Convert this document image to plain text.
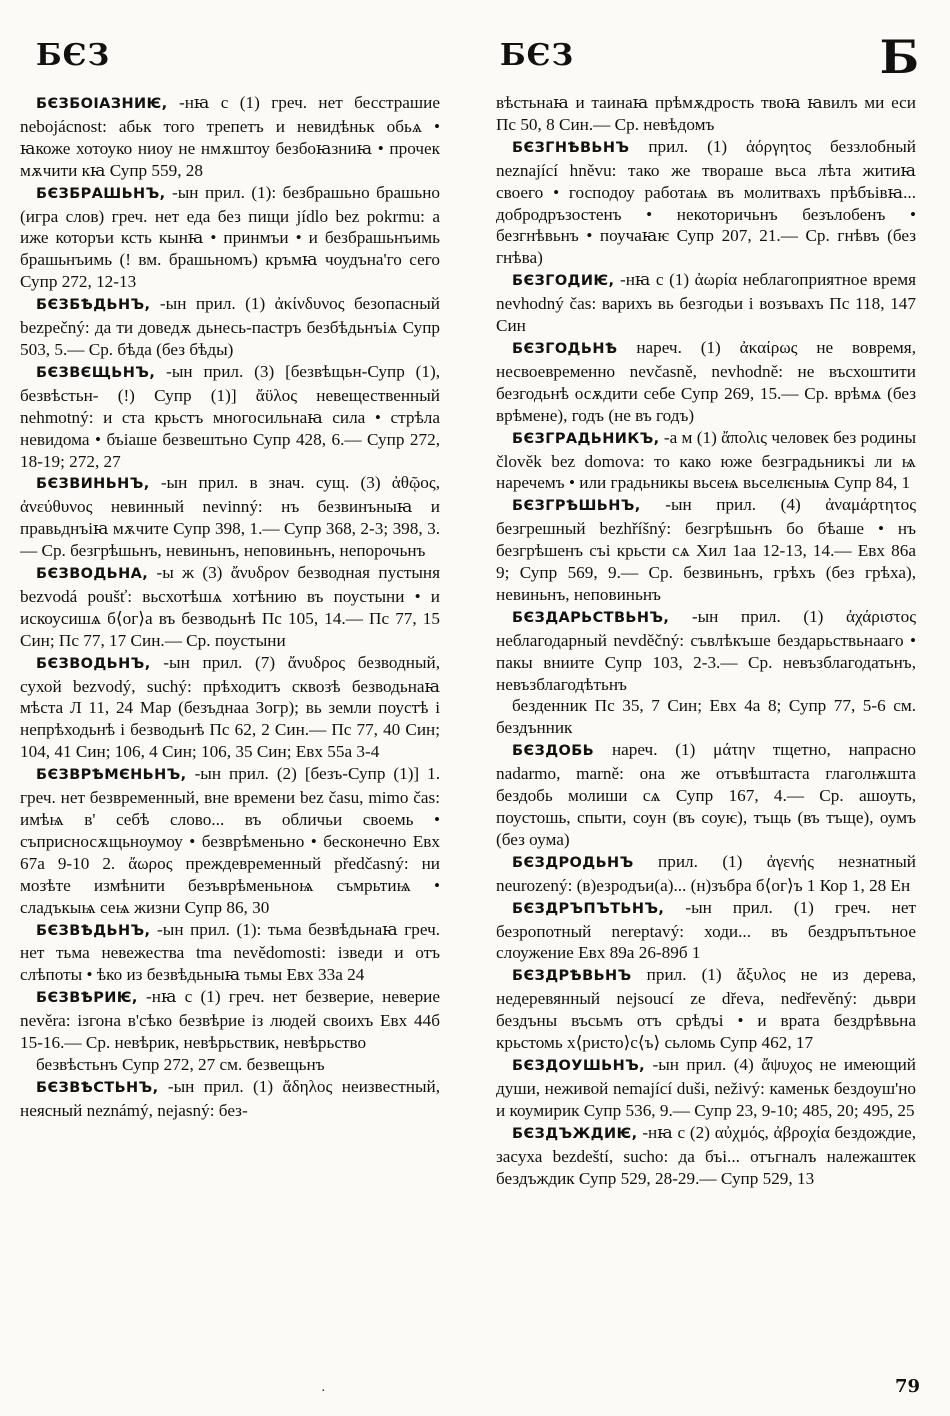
БЄЗ	БЄЗ	Б

БЄЗБОІАЗНИѤ, -нꙗ с (1) греч. нет бесстрашие nebojácnost: абьк того трепетъ и невидѣньк обьѧ • ꙗкоже хотоуко ниоу не нмѫштоу безбоꙗзниꙗ • прочек мѫчити кꙗ Супр 559, 28

БЄЗБРАШЬНЪ, -ын прил. (1): безбрашьно брашьно (игра слов) греч. нет еда без пищи jídlo bez pokrmu: а иже которъи ксть кынꙗ • принмъи • и безбрашьнъимь брашьнъимь (! вм. брашьномъ) кръмꙗ чоудъна'го сего Супр 272, 12-13

БЄЗБѢДЬНЪ, -ын прил. (1) ἀκίνδυνος безопасный bezpečný: да ти доведѫ дьнесь-пастръ безбѣдьнъіѧ Супр 503, 5.— Ср. бѣда (без бѣды)

БЄЗВЄЩЬНЪ, -ын прил. (3) [безвѣщьн-Супр (1), безвѣстьн- (!) Супр (1)] ἄϋλος невещественный nehmotný: и ста крьстъ многосильнаꙗ сила • стрѣла невидома • бъіаше безвештьно Супр 428, 6.— Супр 272, 18-19; 272, 27

БЄЗВИНЬНЪ, -ын прил. в знач. сущ. (3) ἀθῷος, ἀνεύθυνος невинный nevinný: нъ безвинъныꙗ и правьднъіꙗ мѫчите Супр 398, 1.— Супр 368, 2-3; 398, 3.— Ср. безгрѣшьнъ, невиньнъ, неповиньнъ, непорочьнъ

БЄЗВОДЬНА, -ы ж (3) ἄνυδρον безводная пустыня bezvodá poušť: вьсхотѣшѧ хотѣнию въ поустыни • и искоусишѧ б⟨ог⟩а въ безводьнѣ Пс 105, 14.— Пс 77, 15 Син; Пс 77, 17 Син.— Ср. поустыни

БЄЗВОДЬНЪ, -ын прил. (7) ἄνυδρος безводный, сухой bezvodý, suchý: прѣходитъ сквозѣ безводьнаꙗ мѣста Л 11, 24 Мар (безъднаа Зогр); вь земли поустѣ і непрѣходьнѣ і безводьнѣ Пс 62, 2 Син.— Пс 77, 40 Син; 104, 41 Син; 106, 4 Син; 106, 35 Син; Евх 55а 3-4

БЄЗВРѢМЄНЬНЪ, -ын прил. (2) [безъ-Супр (1)] 1. греч. нет безвременный, вне времени bez času, mimo čas: имѣѩ в' себѣ слово... въ обличьи своемь • съприсносѫщьноумоу • безврѣменьно • бесконечно Евх 67а 9-10 2. ἄωρος преждевременный předčasný: ни мозѣте измѣнити безъврѣменьноѩ съмрьтиѩ • сладъкыѩ сеѩ жизни Супр 86, 30

БЄЗВѢДЬНЪ, -ын прил. (1): тьма безвѣдьнаꙗ греч. нет тьма невежества tma nevědomosti: ізведи и отъ слѣпоты • ѣко из безвѣдьныꙗ тьмы Евх 33а 24

БЄЗВѢРИѤ, -нꙗ с (1) греч. нет безверие, неверие nevěra: ізгона в'сѣко безвѣрие із людей своихъ Евх 44б 15-16.— Ср. невѣрик, невѣрьствик, невѣрьство

безвѣстьнъ Супр 272, 27 см. безвещьнъ

БЄЗВѢСТЬНЪ, -ын прил. (1) ἄδηλος неизвестный, неясный neznámý, nejasný: без-

вѣстьнаꙗ и таинаꙗ прѣмѫдрость твоꙗ ꙗвилъ ми еси Пс 50, 8 Син.— Ср. невѣдомъ

БЄЗГНѢВЬНЪ прил. (1) ἀόργητος беззлобный neznající hněvu: тако же твораше вьса лѣта житиꙗ своего • господоу работаѩ въ молитвахъ прѣбъівꙗ... добродръзостенъ • некоторичьнъ безълобенъ • безгнѣвьнъ • поучаꙗѥ Супр 207, 21.— Ср. гнѣвъ (без гнѣва)

БЄЗГОДИѤ, -нꙗ с (1) ἀωρία неблагоприятное время nevhodný čas: варихъ вь безгодьи і возъвахъ Пс 118, 147 Син

БЄЗГОДЬНѢ нареч. (1) ἀκαίρως не вовремя, несвоевременно nevčasně, nevhodně: не въсхоштити безгодьнѣ осѫдити себе Супр 269, 15.— Ср. врѣмѧ (без врѣмене), годъ (не въ годъ)

БЄЗГРАДЬНИКЪ, -а м (1) ἄπολις человек без родины člověk bez domova: то како юже безградьникъі ли ѩ наречемъ • или градьникы вьсеѩ вьселѥныѩ Супр 84, 1

БЄЗГРѢШЬНЪ, -ын прил. (4) ἀναμάρτητος безгрешный bezhříšný: безгрѣшьнъ бо бѣаше • нъ безгрѣшенъ съі крьсти сѧ Хил 1аа 12-13, 14.— Евх 86а 9; Супр 569, 9.— Ср. безвиньнъ, грѣхъ (без грѣха), невиньнъ, неповиньнъ

БЄЗДАРЬСТВЬНЪ, -ын прил. (1) ἀχάριστος неблагодарный nevděčný: съвлѣкъше бездарьствьнааго • пакы вниите Супр 103, 2-3.— Ср. невъзблагодатьнъ, невъзблагодѣтьнъ

безденник Пс 35, 7 Син; Евх 4а 8; Супр 77, 5-6 см. бездънник

БЄЗДОБЬ нареч. (1) μάτην тщетно, напрасно nadarmo, marně: она же отъвѣштаста глаголѭшта бездобь молиши сѧ Супр 167, 4.— Ср. ашоуть, поустошь, спыти, соун (въ соуѥ), тъщь (въ тъще), оумъ (без оума)

БЄЗДРОДЬНЪ прил. (1) ἀγενής незнатный neurozený: (в)езродъи(а)... (н)зъбра б⟨ог⟩ъ 1 Кор 1, 28 Ен

БЄЗДРЪПЪТЬНЪ, -ын прил. (1) греч. нет безропотный nereptavý: ходи... въ бездръпътьное слоужение Евх 89а 26-89б 1

БЄЗДРѢВЬНЪ прил. (1) ἄξυλος не из дерева, недеревянный nejsoucí ze dřeva, nedřevěný: дьври бездъны въсьмъ отъ срѣдъі • и врата бездрѣвьна крьстомь х⟨ристо⟩с⟨ъ⟩ сьломь Супр 462, 17

БЄЗДОУШЬНЪ, -ын прил. (4) ἄψυχος не имеющий души, неживой nemající duši, neživý: каменьк бездоуш'но и коумирик Супр 536, 9.— Супр 23, 9-10; 485, 20; 495, 25

БЄЗДЪЖДИѤ, -нꙗ с (2) αὐχμός, ἀβροχία бездождие, засуха bezdeští, sucho: да бъі... отъгналъ належаштек бездъждик Супр 529, 28-29.— Супр 529, 13

79
·
